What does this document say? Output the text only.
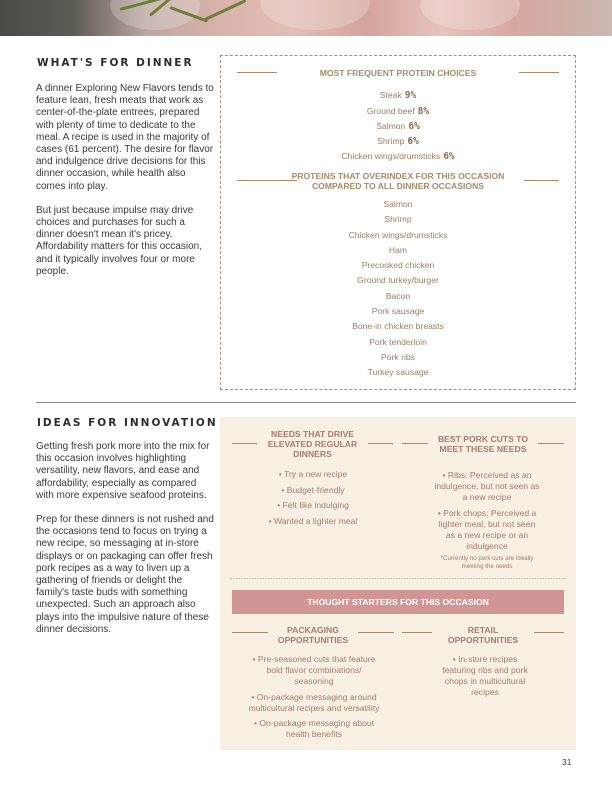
WHAT'S FOR DINNER

A dinner Exploring New Flavors tends to feature lean, fresh meats that work as center-of-the-plate entrees, prepared with plenty of time to dedicate to the meal. A recipe is used in the majority of cases (61 percent). The desire for flavor and indulgence drive decisions for this dinner occasion, while health also comes into play.

But just because impulse may drive choices and purchases for such a dinner doesn't mean it's pricey. Affordability matters for this occasion, and it typically involves four or more people.

MOST FREQUENT PROTEIN CHOICES
Steak 9%
Ground beef 8%
Salmon 6%
Shrimp 6%
Chicken wings/drumsticks 6%
PROTEINS THAT OVERINDEX FOR THIS OCCASION
COMPARED TO ALL DINNER OCCASIONS
Salmon
Shrimp
Chicken wings/drumsticks
Ham
Precooked chicken
Ground turkey/burger
Bacon
Pork sausage
Bone-in chicken breasts
Pork tenderloin
Pork ribs
Turkey sausage
IDEAS FOR INNOVATION

Getting fresh pork more into the mix for this occasion involves highlighting versatility, new flavors, and ease and affordability, especially as compared with more expensive seafood proteins.

Prep for these dinners is not rushed and the occasions tend to focus on trying a new recipe, so messaging at in-store displays or on packaging can offer fresh pork recipes as a way to liven up a gathering of friends or delight the family's taste buds with something unexpected. Such an approach also plays into the impulsive nature of these dinner decisions.

NEEDS THAT DRIVE
ELEVATED REGULAR
DINNERS
• Try a new recipe
• Budget-friendly
• Felt like indulging
• Wanted a lighter meal
BEST PORK CUTS TO
MEET THESE NEEDS
• Ribs: Perceived as an
indulgence, but not seen as
a new recipe
• Pork chops: Perceived a
lighter meal, but not seen
as a new recipe or an
indulgence
*Currently no pork cuts are ideally
meeting the needs
THOUGHT STARTERS FOR THIS OCCASION
PACKAGING
OPPORTUNITIES
• Pre-seasoned cuts that feature
bold flavor combinations/
seasoning
• On-package messaging around
multicultural recipes and versatility
• On-package messaging about
health benefits
RETAIL
OPPORTUNITIES
• In-store recipes
featuring ribs and pork
chops in multicultural
recipes
31
